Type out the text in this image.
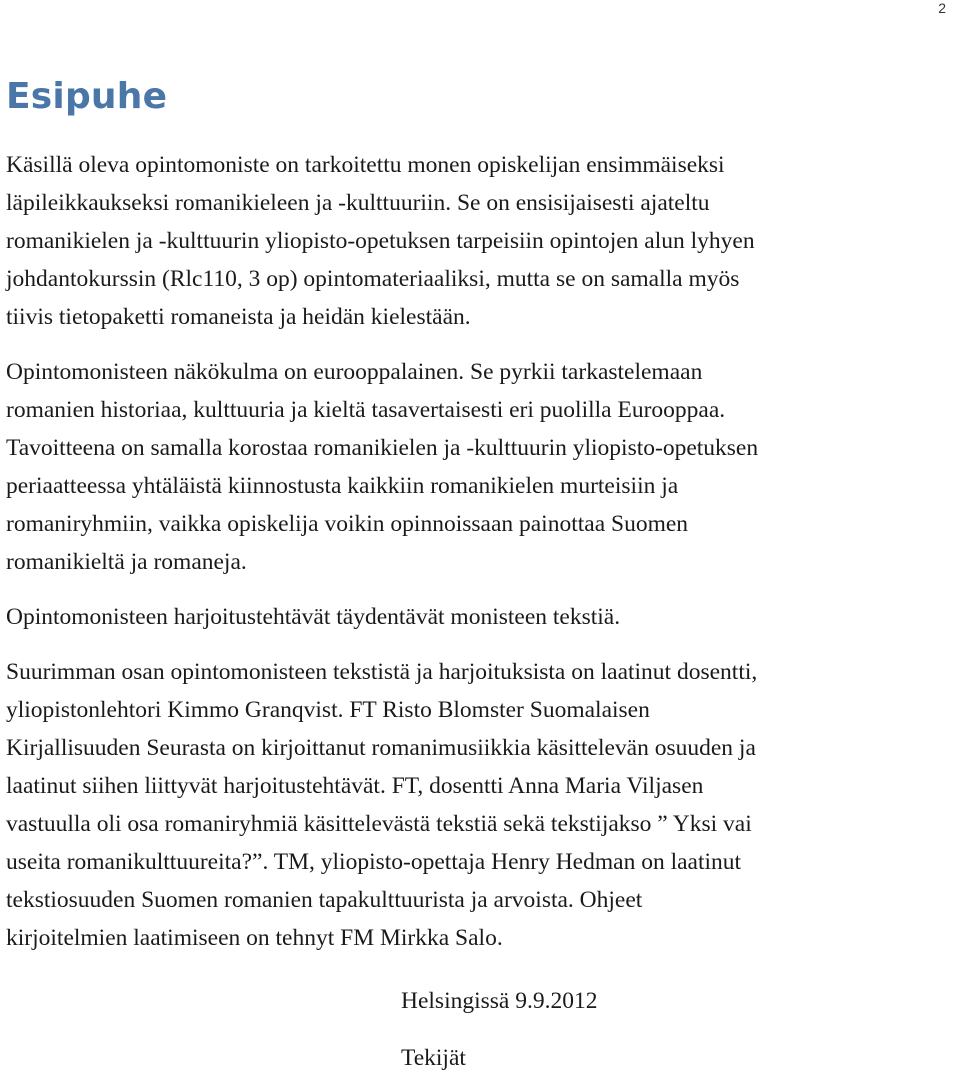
2
Esipuhe

Käsillä oleva opintomoniste on tarkoitettu monen opiskelijan ensimmäiseksi
läpileikkaukseksi romanikieleen ja -kulttuuriin. Se on ensisijaisesti ajateltu
romanikielen ja -kulttuurin yliopisto-opetuksen tarpeisiin opintojen alun lyhyen
johdantokurssin (Rlc110, 3 op) opintomateriaaliksi, mutta se on samalla myös
tiivis tietopaketti romaneista ja heidän kielestään.

Opintomonisteen näkökulma on eurooppalainen. Se pyrkii tarkastelemaan
romanien historiaa, kulttuuria ja kieltä tasavertaisesti eri puolilla Eurooppaa.
Tavoitteena on samalla korostaa romanikielen ja -kulttuurin yliopisto-opetuksen
periaatteessa yhtäläistä kiinnostusta kaikkiin romanikielen murteisiin ja
romaniryhmiin, vaikka opiskelija voikin opinnoissaan painottaa Suomen
romanikieltä ja romaneja.

Opintomonisteen harjoitustehtävät täydentävät monisteen tekstiä.

Suurimman osan opintomonisteen tekstistä ja harjoituksista on laatinut dosentti,
yliopistonlehtori Kimmo Granqvist. FT Risto Blomster Suomalaisen
Kirjallisuuden Seurasta on kirjoittanut romanimusiikkia käsittelevän osuuden ja
laatinut siihen liittyvät harjoitustehtävät. FT, dosentti Anna Maria Viljasen
vastuulla oli osa romaniryhmiä käsittelevästä tekstiä sekä tekstijakso ” Yksi vai
useita romanikulttuureita?”. TM, yliopisto-opettaja Henry Hedman on laatinut
tekstiosuuden Suomen romanien tapakulttuurista ja arvoista. Ohjeet
kirjoitelmien laatimiseen on tehnyt FM Mirkka Salo.

Helsingissä 9.9.2012

Tekijät
